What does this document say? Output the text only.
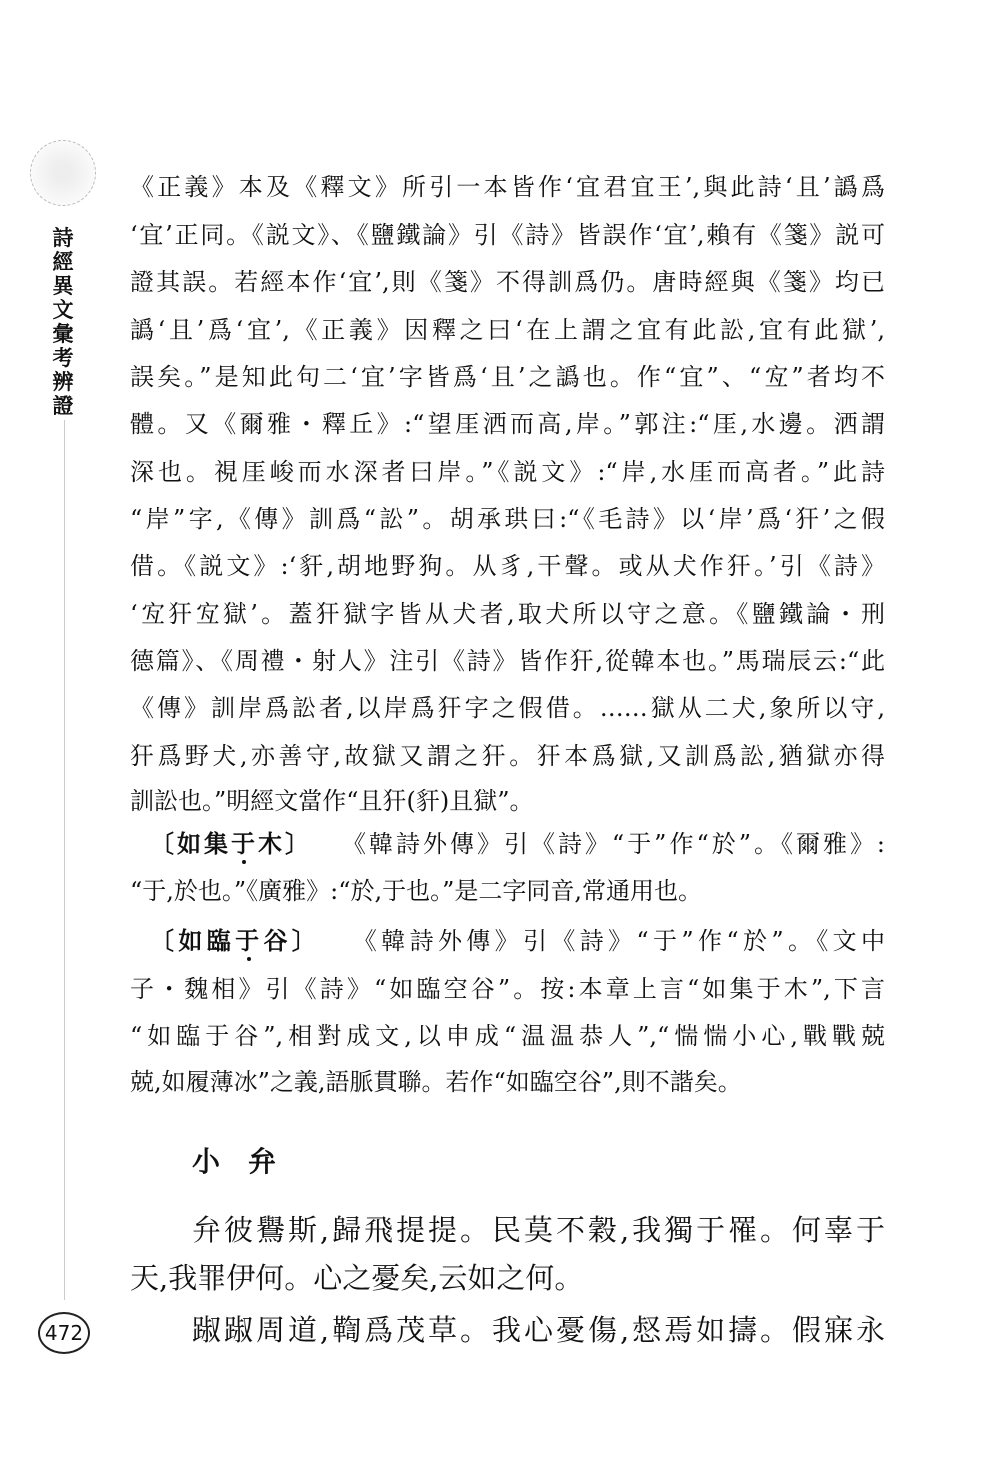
詩經異文彙考辨證
472
《正義》本及《釋文》所引一本皆作‘宜君宜王’,與此詩‘且’譌爲
‘宜’正同。《説文》、《鹽鐵論》引《詩》皆誤作‘宜’,賴有《箋》説可
證其誤。若經本作‘宜’,則《箋》不得訓爲仍。唐時經與《箋》均已
譌‘且’爲‘宜’,《正義》因釋之曰‘在上謂之宜有此訟,宜有此獄’,
誤矣。”是知此句二‘宜’字皆爲‘且’之譌也。作“宜”、“宐”者均不
體。又《爾雅・釋丘》:“望厓洒而高,岸。”郭注:“厓,水邊。洒謂
深也。視厓峻而水深者曰岸。”《説文》:“岸,水厓而高者。”此詩
“岸”字,《傳》訓爲“訟”。胡承珙曰:“《毛詩》以‘岸’爲‘犴’之假
借。《説文》:‘豻,胡地野狗。从豸,干聲。或从犬作犴。’引《詩》
‘宐犴宐獄’。蓋犴獄字皆从犬者,取犬所以守之意。《鹽鐵論・刑
德篇》、《周禮・射人》注引《詩》皆作犴,從韓本也。”馬瑞辰云:“此
《傳》訓岸爲訟者,以岸爲犴字之假借。……獄从二犬,象所以守,
犴爲野犬,亦善守,故獄又謂之犴。犴本爲獄,又訓爲訟,猶獄亦得
訓訟也。”明經文當作“且犴(豻)且獄”。
〔如集于木〕　　 《韓詩外傳》引《詩》“于”作“於”。《爾雅》:
“于,於也。”《廣雅》:“於,于也。”是二字同音,常通用也。
〔如臨于谷〕　　 《韓詩外傳》引《詩》“于”作“於”。《文中
子・魏相》引《詩》“如臨空谷”。按:本章上言“如集于木”,下言
“如臨于谷”,相對成文,以申成“温温恭人”,“惴惴小心,戰戰兢
兢,如履薄冰”之義,語脈貫聯。若作“如臨空谷”,則不諧矣。
小弁
弁彼鸒斯,歸飛提提。民莫不穀,我獨于罹。何辜于
天,我罪伊何。心之憂矣,云如之何。
踧踧周道,鞫爲茂草。我心憂傷,惄焉如擣。假寐永
